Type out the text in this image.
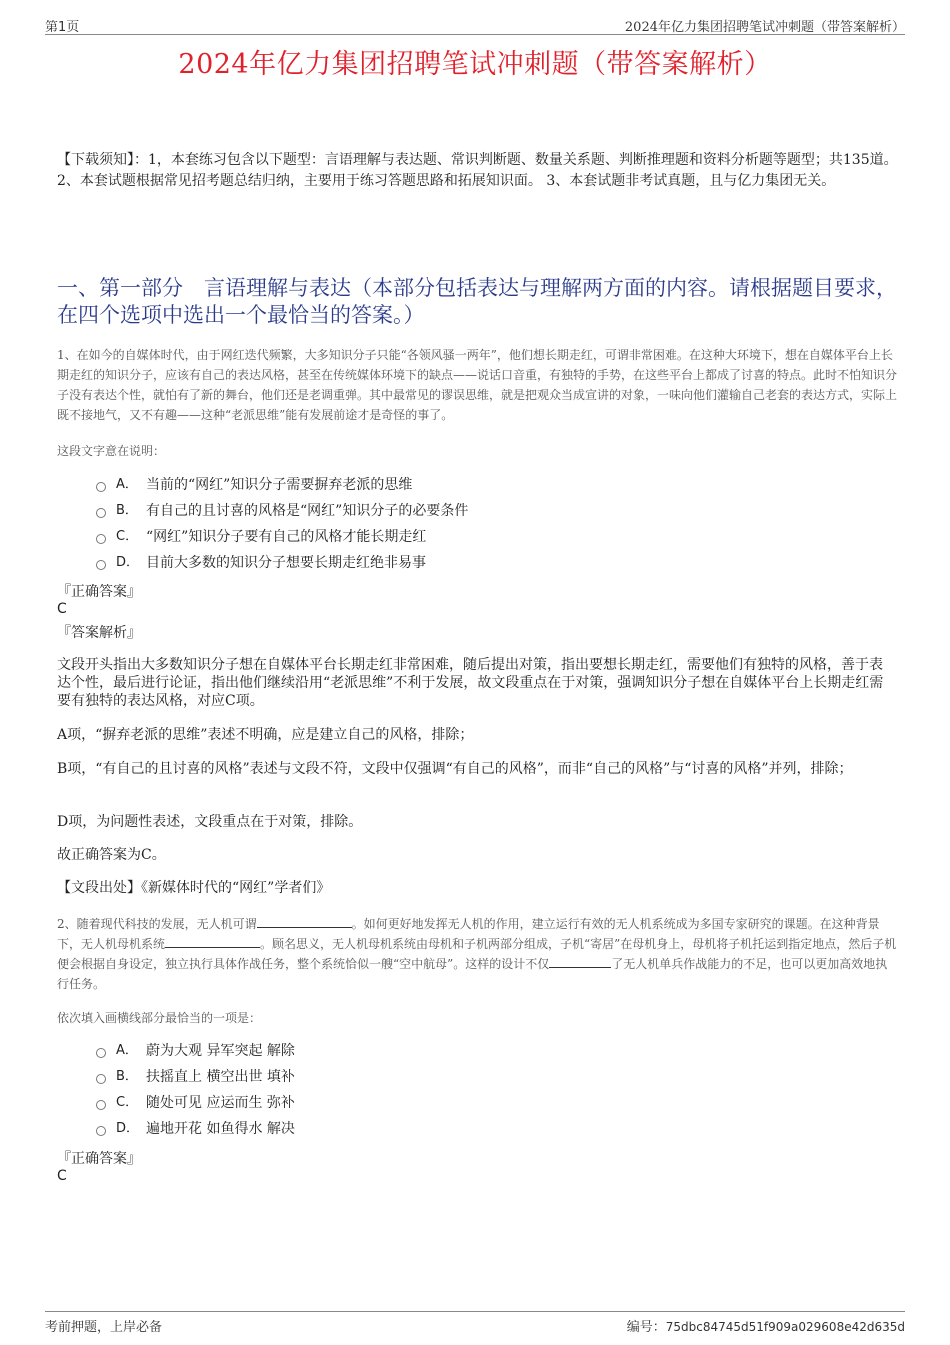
第1页	2024年亿力集团招聘笔试冲刺题（带答案解析）
2024年亿力集团招聘笔试冲刺题（带答案解析）
【下载须知】：1，本套练习包含以下题型：言语理解与表达题、常识判断题、数量关系题、判断推理题和资料分析题等题型；共135道。 2、本套试题根据常见招考题总结归纳，主要用于练习答题思路和拓展知识面。 3、本套试题非考试真题，且与亿力集团无关。
一、第一部分　言语理解与表达（本部分包括表达与理解两方面的内容。请根据题目要求，在四个选项中选出一个最恰当的答案。）
1、在如今的自媒体时代，由于网红迭代频繁，大多知识分子只能“各领风骚一两年”，他们想长期走红，可谓非常困难。在这种大环境下，想在自媒体平台上长期走红的知识分子，应该有自己的表达风格，甚至在传统媒体环境下的缺点——说话口音重，有独特的手势，在这些平台上都成了讨喜的特点。此时不怕知识分子没有表达个性，就怕有了新的舞台，他们还是老调重弹。其中最常见的谬误思维，就是把观众当成宣讲的对象，一味向他们灌输自己老套的表达方式，实际上既不接地气，又不有趣——这种“老派思维”能有发展前途才是奇怪的事了。
这段文字意在说明：
A． 当前的“网红”知识分子需要摒弃老派的思维
B． 有自己的且讨喜的风格是“网红”知识分子的必要条件
C． “网红”知识分子要有自己的风格才能长期走红
D． 目前大多数的知识分子想要长期走红绝非易事
『正确答案』
C
『答案解析』
文段开头指出大多数知识分子想在自媒体平台长期走红非常困难，随后提出对策，指出要想长期走红，需要他们有独特的风格，善于表达个性，最后进行论证，指出他们继续沿用“老派思维”不利于发展，故文段重点在于对策，强调知识分子想在自媒体平台上长期走红需要有独特的表达风格，对应C项。
A项，“摒弃老派的思维”表述不明确，应是建立自己的风格，排除；
B项，“有自己的且讨喜的风格”表述与文段不符，文段中仅强调“有自己的风格”，而非“自己的风格”与“讨喜的风格”并列，排除；
D项，为问题性表述，文段重点在于对策，排除。
故正确答案为C。
【文段出处】《新媒体时代的“网红”学者们》
2、随着现代科技的发展，无人机可谓	。如何更好地发挥无人机的作用，建立运行有效的无人机系统成为多国专家研究的课题。在这种背景下，无人机母机系统	。顾名思义，无人机母机系统由母机和子机两部分组成，子机“寄居”在母机身上，母机将子机托运到指定地点，然后子机便会根据自身设定，独立执行具体作战任务，整个系统恰似一艘“空中航母”。这样的设计不仅	了无人机单兵作战能力的不足，也可以更加高效地执行任务。
依次填入画横线部分最恰当的一项是：
A． 蔚为大观 异军突起 解除
B． 扶摇直上 横空出世 填补
C． 随处可见 应运而生 弥补
D． 遍地开花 如鱼得水 解决
『正确答案』
C
考前押题，上岸必备	编号：75dbc84745d51f909a029608e42d635d
